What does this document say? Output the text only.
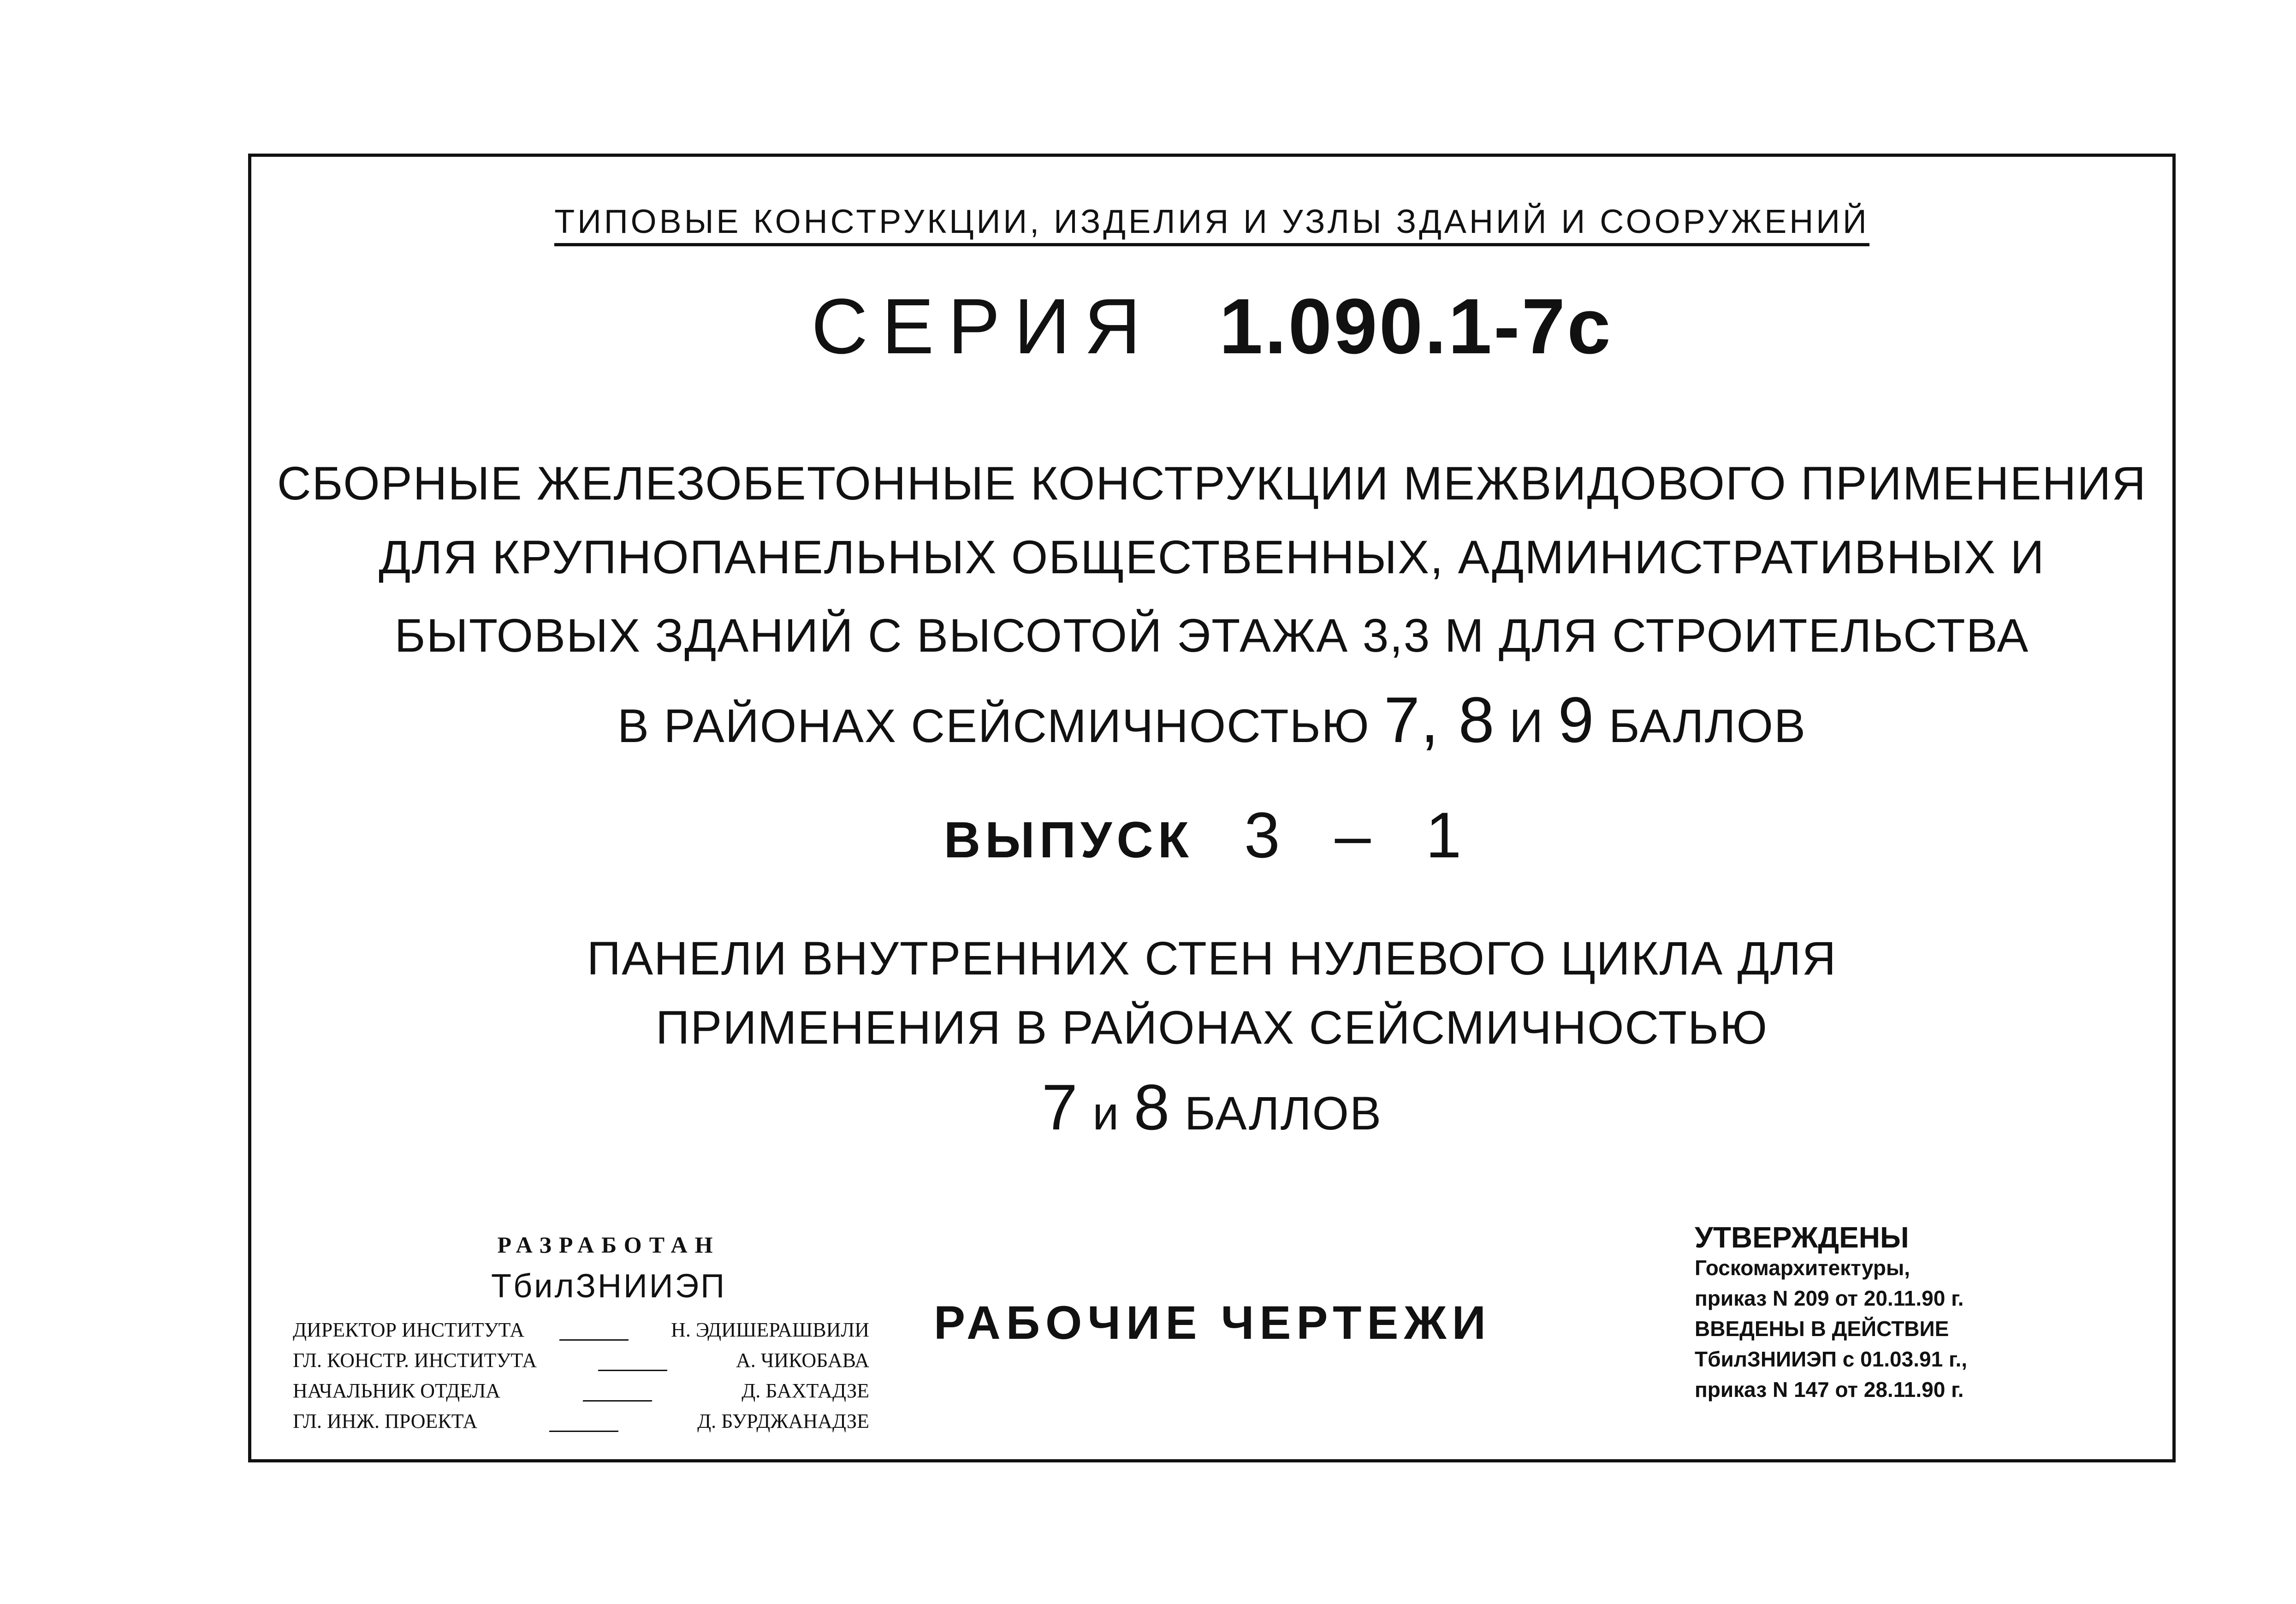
ТИПОВЫЕ КОНСТРУКЦИИ, ИЗДЕЛИЯ И УЗЛЫ ЗДАНИЙ И СООРУЖЕНИЙ
СЕРИЯ 1.090.1-7с
СБОРНЫЕ ЖЕЛЕЗОБЕТОННЫЕ КОНСТРУКЦИИ МЕЖВИДОВОГО ПРИМЕНЕНИЯ
ДЛЯ КРУПНОПАНЕЛЬНЫХ ОБЩЕСТВЕННЫХ, АДМИНИСТРАТИВНЫХ И
БЫТОВЫХ ЗДАНИЙ С ВЫСОТОЙ ЭТАЖА 3,3 М ДЛЯ СТРОИТЕЛЬСТВА
В РАЙОНАХ СЕЙСМИЧНОСТЬЮ 7, 8 И 9 БАЛЛОВ
ВЫПУСК 3 – 1
ПАНЕЛИ ВНУТРЕННИХ СТЕН НУЛЕВОГО ЦИКЛА ДЛЯ
ПРИМЕНЕНИЯ В РАЙОНАХ СЕЙСМИЧНОСТЬЮ
7 и 8 БАЛЛОВ
РАЗРАБОТАН
ТбилЗНИИЭП
ДИРЕКТОР ИНСТИТУТА	Н. ЭДИШЕРАШВИЛИ
ГЛ. КОНСТР. ИНСТИТУТА	А. ЧИКОБАВА
НАЧАЛЬНИК ОТДЕЛА	Д. БАХТАДЗЕ
ГЛ. ИНЖ. ПРОЕКТА	Д. БУРДЖАНАДЗЕ
РАБОЧИЕ ЧЕРТЕЖИ
УТВЕРЖДЕНЫ
Госкомархитектуры,
приказ N 209 от 20.11.90 г.
ВВЕДЕНЫ В ДЕЙСТВИЕ
ТбилЗНИИЭП с 01.03.91 г.,
приказ N 147 от 28.11.90 г.
